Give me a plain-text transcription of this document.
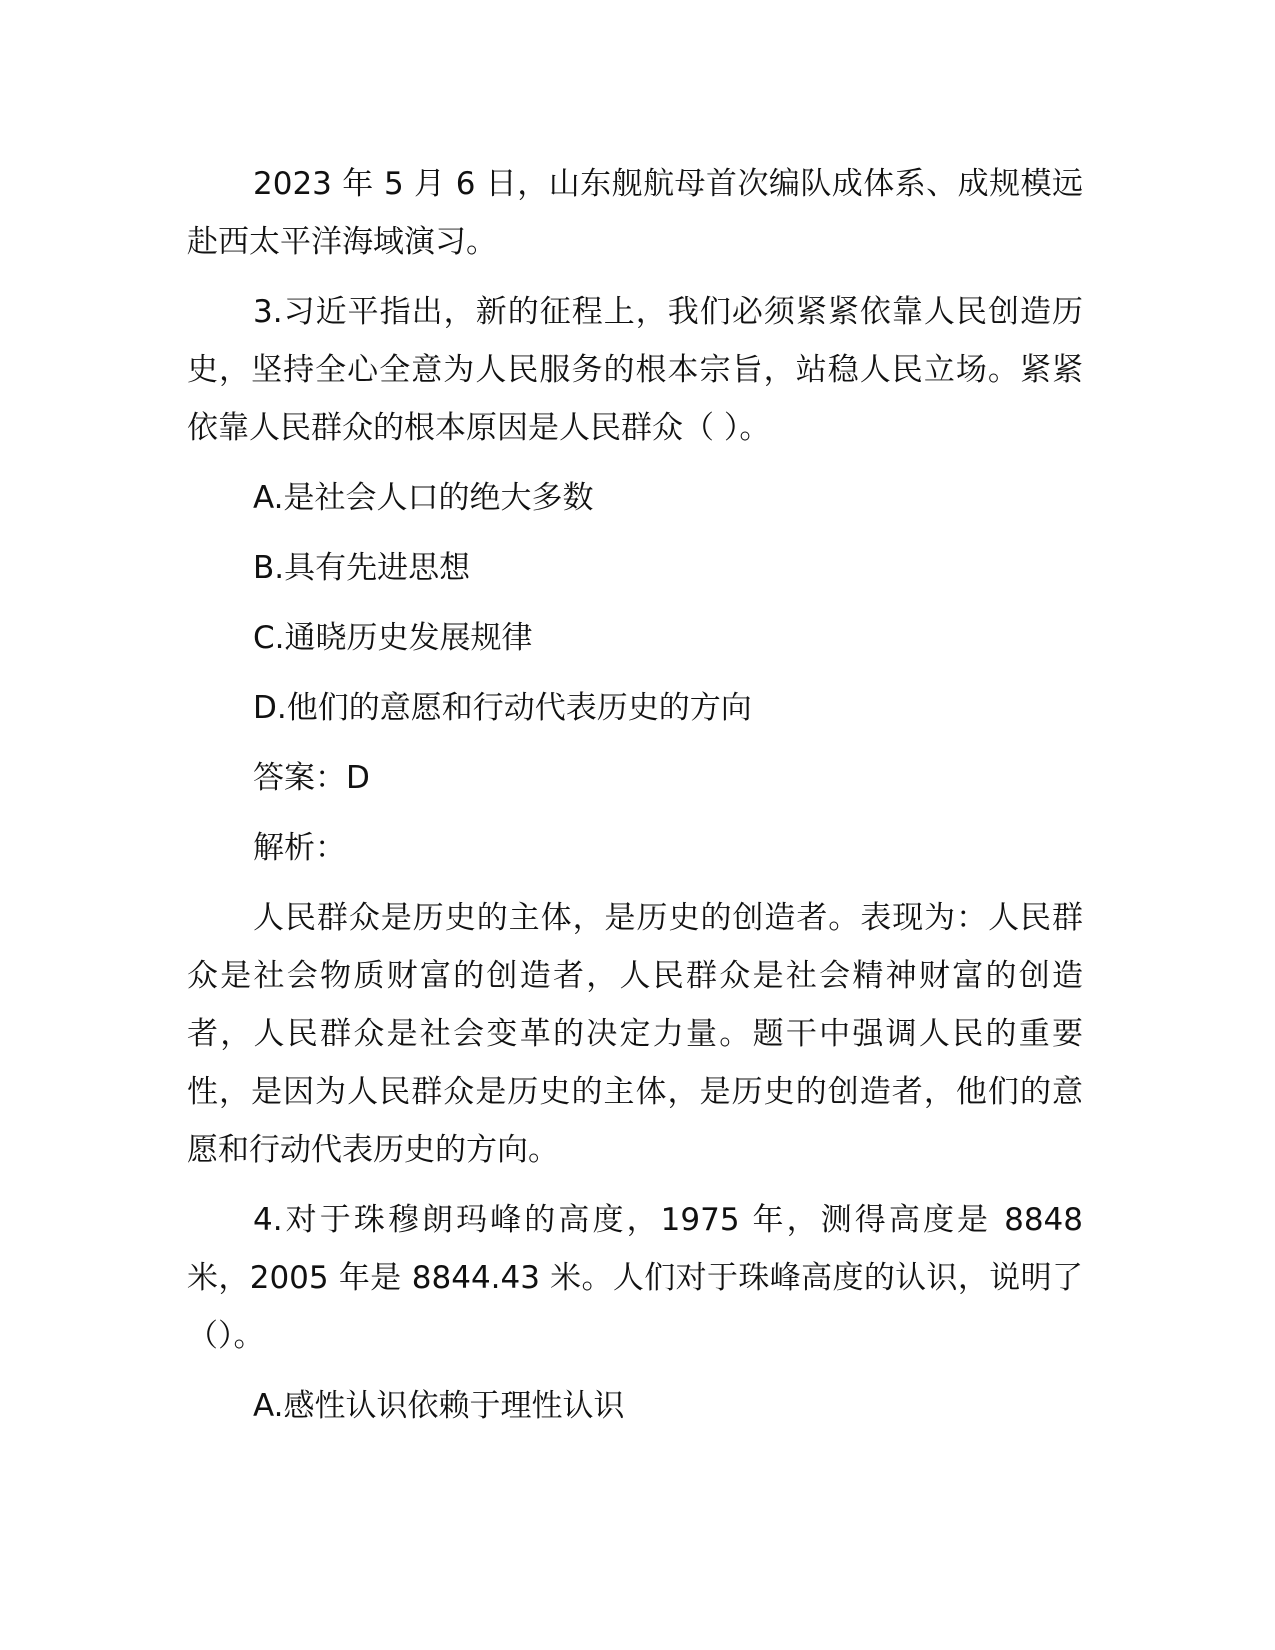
2023 年 5 月 6 日，山东舰航母首次编队成体系、成规模远赴西太平洋海域演习。

3.习近平指出，新的征程上，我们必须紧紧依靠人民创造历史，坚持全心全意为人民服务的根本宗旨，站稳人民立场。紧紧依靠人民群众的根本原因是人民群众（ ）。

A.是社会人口的绝大多数

B.具有先进思想

C.通晓历史发展规律

D.他们的意愿和行动代表历史的方向

答案：D

解析：

人民群众是历史的主体，是历史的创造者。表现为：人民群众是社会物质财富的创造者，人民群众是社会精神财富的创造者，人民群众是社会变革的决定力量。题干中强调人民的重要性，是因为人民群众是历史的主体，是历史的创造者，他们的意愿和行动代表历史的方向。

4.对于珠穆朗玛峰的高度，1975 年，测得高度是 8848 米，2005 年是 8844.43 米。人们对于珠峰高度的认识，说明了（）。

A.感性认识依赖于理性认识
